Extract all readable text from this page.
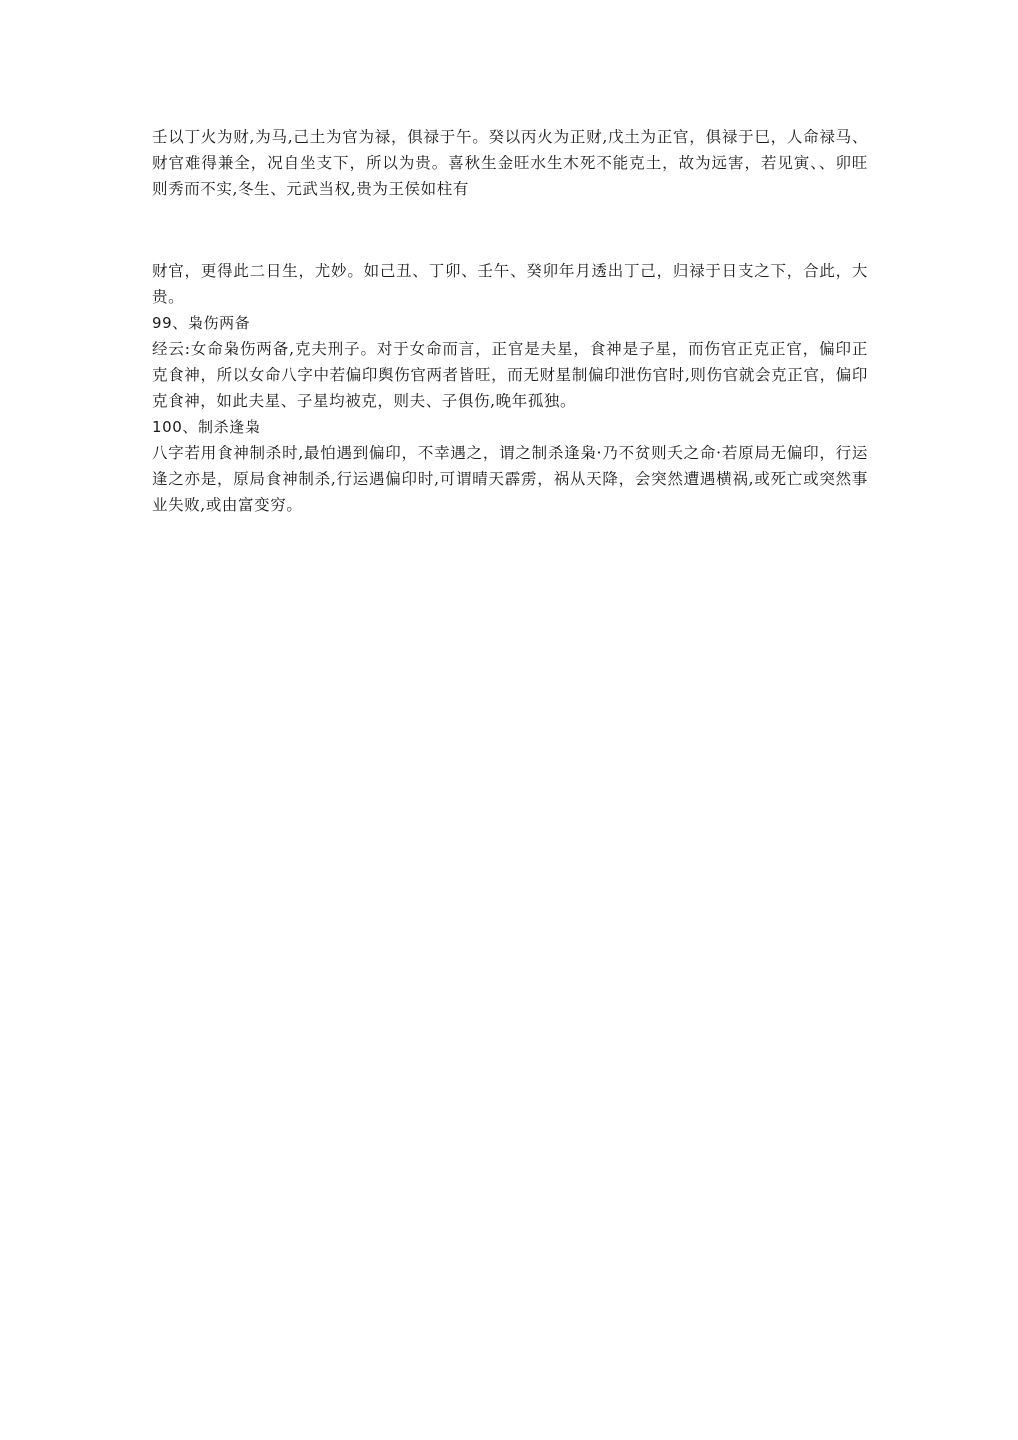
壬以丁火为财,为马,己土为官为禄，俱禄于午。癸以丙火为正财,戊土为正官，俱禄于巳，人命禄马、财官难得兼全，况自坐支下，所以为贵。喜秋生金旺水生木死不能克土，故为远害，若见寅、、卯旺则秀而不实,冬生、元武当权,贵为王侯如柱有

财官，更得此二日生，尤妙。如己丑、丁卯、壬午、癸卯年月透出丁己，归禄于日支之下，合此，大贵。

99、枭伤两备

经云:女命枭伤两备,克夫刑子。对于女命而言，正官是夫星，食神是子星，而伤官正克正官，偏印正克食神，所以女命八字中若偏印舆伤官两者皆旺，而无财星制偏印泄伤官时,则伤官就会克正官，偏印克食神，如此夫星、子星均被克，则夫、子俱伤,晚年孤独。

100、制杀逢枭

八字若用食神制杀时,最怕遇到偏印，不幸遇之，谓之制杀逢枭·乃不贫则夭之命·若原局无偏印，行运逢之亦是，原局食神制杀,行运遇偏印时,可谓晴天霹雳，祸从天降，会突然遭遇横祸,或死亡或突然事业失败,或由富变穷。
